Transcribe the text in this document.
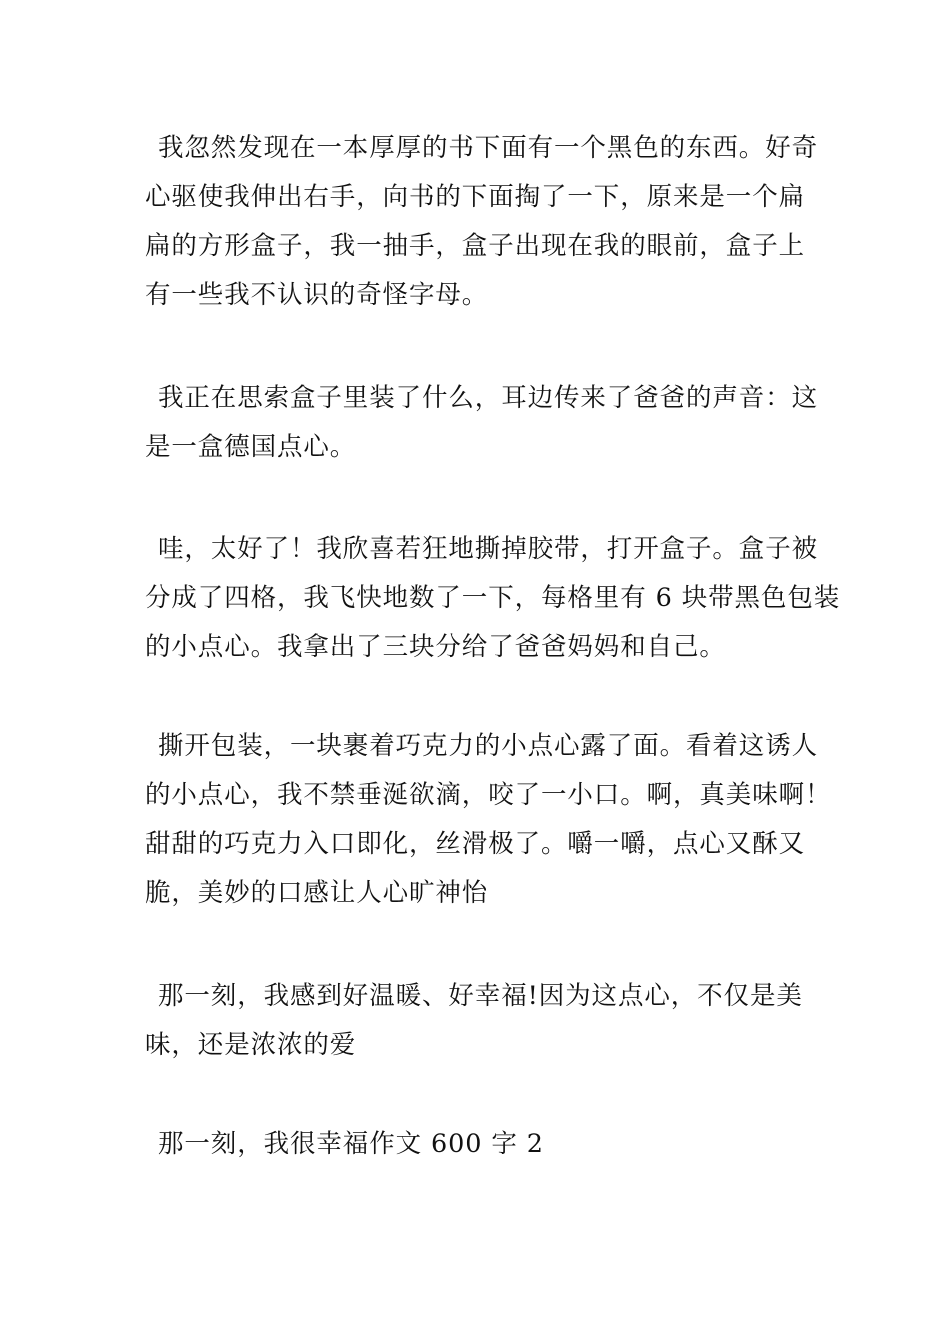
我忽然发现在一本厚厚的书下面有一个黑色的东西。好奇
心驱使我伸出右手，向书的下面掏了一下，原来是一个扁
扁的方形盒子，我一抽手，盒子出现在我的眼前，盒子上
有一些我不认识的奇怪字母。
我正在思索盒子里装了什么，耳边传来了爸爸的声音：这
是一盒德国点心。
哇，太好了！我欣喜若狂地撕掉胶带，打开盒子。盒子被
分成了四格，我飞快地数了一下，每格里有 6 块带黑色包装
的小点心。我拿出了三块分给了爸爸妈妈和自己。
撕开包装，一块裹着巧克力的小点心露了面。看着这诱人
的小点心，我不禁垂涎欲滴，咬了一小口。啊，真美味啊！
甜甜的巧克力入口即化，丝滑极了。嚼一嚼，点心又酥又
脆，美妙的口感让人心旷神怡
那一刻，我感到好温暖、好幸福!因为这点心，不仅是美
味，还是浓浓的爱
那一刻，我很幸福作文 600 字 2
